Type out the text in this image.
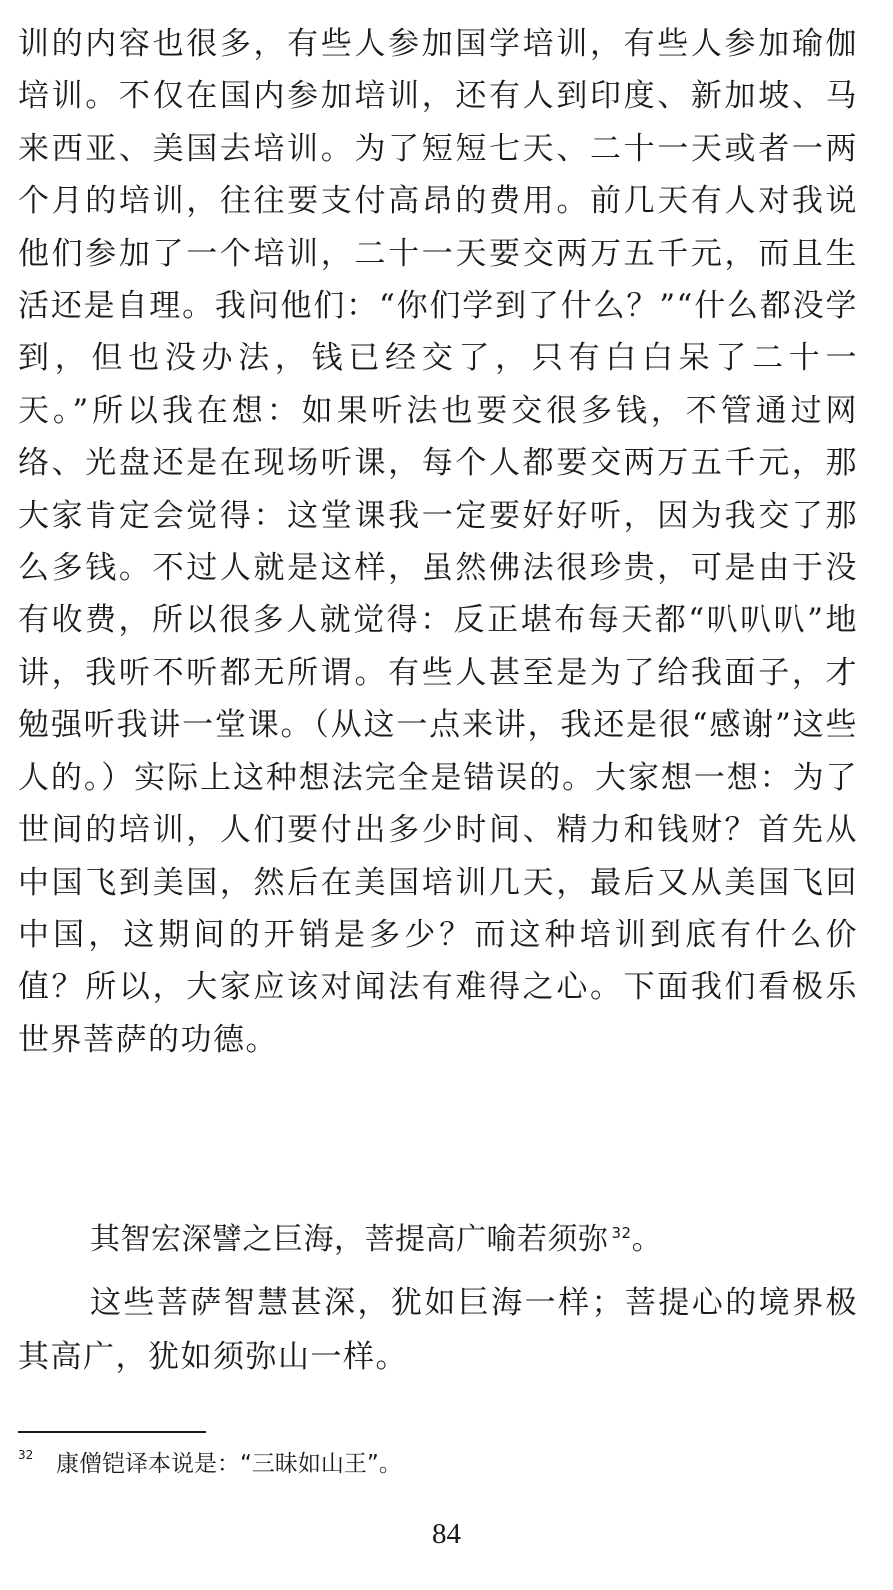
训的内容也很多，有些人参加国学培训，有些人参加瑜伽培训。不仅在国内参加培训，还有人到印度、新加坡、马来西亚、美国去培训。为了短短七天、二十一天或者一两个月的培训，往往要支付高昂的费用。前几天有人对我说他们参加了一个培训，二十一天要交两万五千元，而且生活还是自理。我问他们：“你们学到了什么？”“什么都没学到，但也没办法，钱已经交了，只有白白呆了二十一天。”所以我在想：如果听法也要交很多钱，不管通过网络、光盘还是在现场听课，每个人都要交两万五千元，那大家肯定会觉得：这堂课我一定要好好听，因为我交了那么多钱。不过人就是这样，虽然佛法很珍贵，可是由于没有收费，所以很多人就觉得：反正堪布每天都“叭叭叭”地讲，我听不听都无所谓。有些人甚至是为了给我面子，才勉强听我讲一堂课。（从这一点来讲，我还是很“感谢”这些人的。）实际上这种想法完全是错误的。大家想一想：为了世间的培训，人们要付出多少时间、精力和钱财？首先从中国飞到美国，然后在美国培训几天，最后又从美国飞回中国，这期间的开销是多少？而这种培训到底有什么价值？所以，大家应该对闻法有难得之心。下面我们看极乐世界菩萨的功德。

其智宏深譬之巨海，菩提高广喻若须弥 $^{32}$。

这些菩萨智慧甚深，犹如巨海一样；菩提心的境界极其高广，犹如须弥山一样。

32 康僧铠译本说是：“三昧如山王”。

84
